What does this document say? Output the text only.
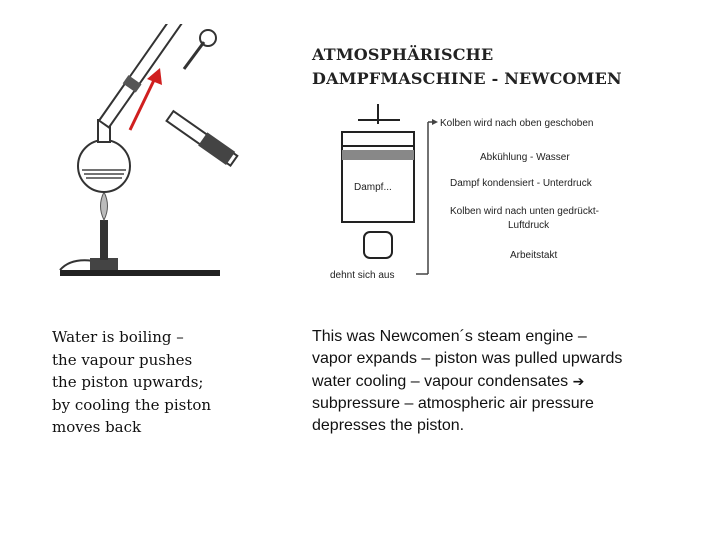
ATMOSPHÄRISCHE
DAMPFMASCHINE - NEWCOMEN
Dampf...
Kolben wird nach oben geschoben
Abkühlung - Wasser
Dampf kondensiert - Unterdruck
Kolben wird nach unten gedrückt-
Luftdruck
Arbeitstakt
dehnt sich aus
Water is boiling –
the vapour pushes
the piston upwards;
by cooling the piston
moves back
This was Newcomen´s steam engine –
vapor expands – piston was pulled upwards
water cooling – vapour condensates ➔
subpressure – atmospheric air pressure
depresses the piston.
